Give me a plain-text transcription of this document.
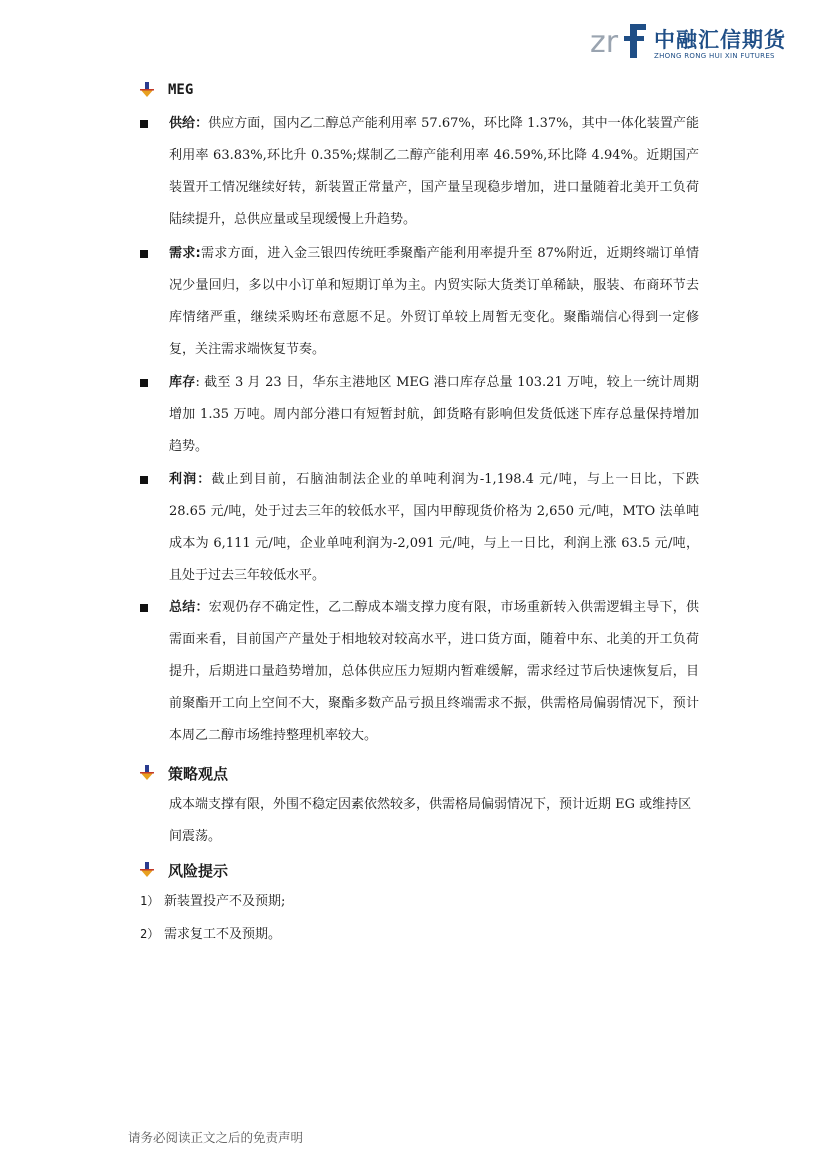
zr 中融汇信期货
ZHONG RONG HUI XIN FUTURES
MEG
供给：供应方面，国内乙二醇总产能利用率 57.67%，环比降 1.37%，其中一体化装置产能利用率 63.83%,环比升 0.35%;煤制乙二醇产能利用率 46.59%,环比降 4.94%。近期国产装置开工情况继续好转，新装置正常量产，国产量呈现稳步增加，进口量随着北美开工负荷陆续提升，总供应量或呈现缓慢上升趋势。
需求:需求方面，进入金三银四传统旺季聚酯产能利用率提升至 87%附近，近期终端订单情况少量回归，多以中小订单和短期订单为主。内贸实际大货类订单稀缺，服装、布商环节去库情绪严重，继续采购坯布意愿不足。外贸订单较上周暂无变化。聚酯端信心得到一定修复，关注需求端恢复节奏。
库存: 截至 3 月 23 日，华东主港地区 MEG 港口库存总量 103.21 万吨，较上一统计周期增加 1.35 万吨。周内部分港口有短暂封航，卸货略有影响但发货低迷下库存总量保持增加趋势。
利润：截止到目前，石脑油制法企业的单吨利润为-1,198.4 元/吨，与上一日比，下跌 28.65 元/吨，处于过去三年的较低水平，国内甲醇现货价格为 2,650 元/吨，MTO 法单吨成本为 6,111 元/吨，企业单吨利润为-2,091 元/吨，与上一日比，利润上涨 63.5 元/吨，且处于过去三年较低水平。
总结：宏观仍存不确定性，乙二醇成本端支撑力度有限，市场重新转入供需逻辑主导下，供需面来看，目前国产产量处于相地较对较高水平，进口货方面，随着中东、北美的开工负荷提升，后期进口量趋势增加，总体供应压力短期内暂难缓解，需求经过节后快速恢复后，目前聚酯开工向上空间不大，聚酯多数产品亏损且终端需求不振，供需格局偏弱情况下，预计本周乙二醇市场维持整理机率较大。
策略观点
成本端支撑有限，外围不稳定因素依然较多，供需格局偏弱情况下，预计近期 EG 或维持区间震荡。
风险提示
1） 新装置投产不及预期;
2） 需求复工不及预期。
请务必阅读正文之后的免责声明
